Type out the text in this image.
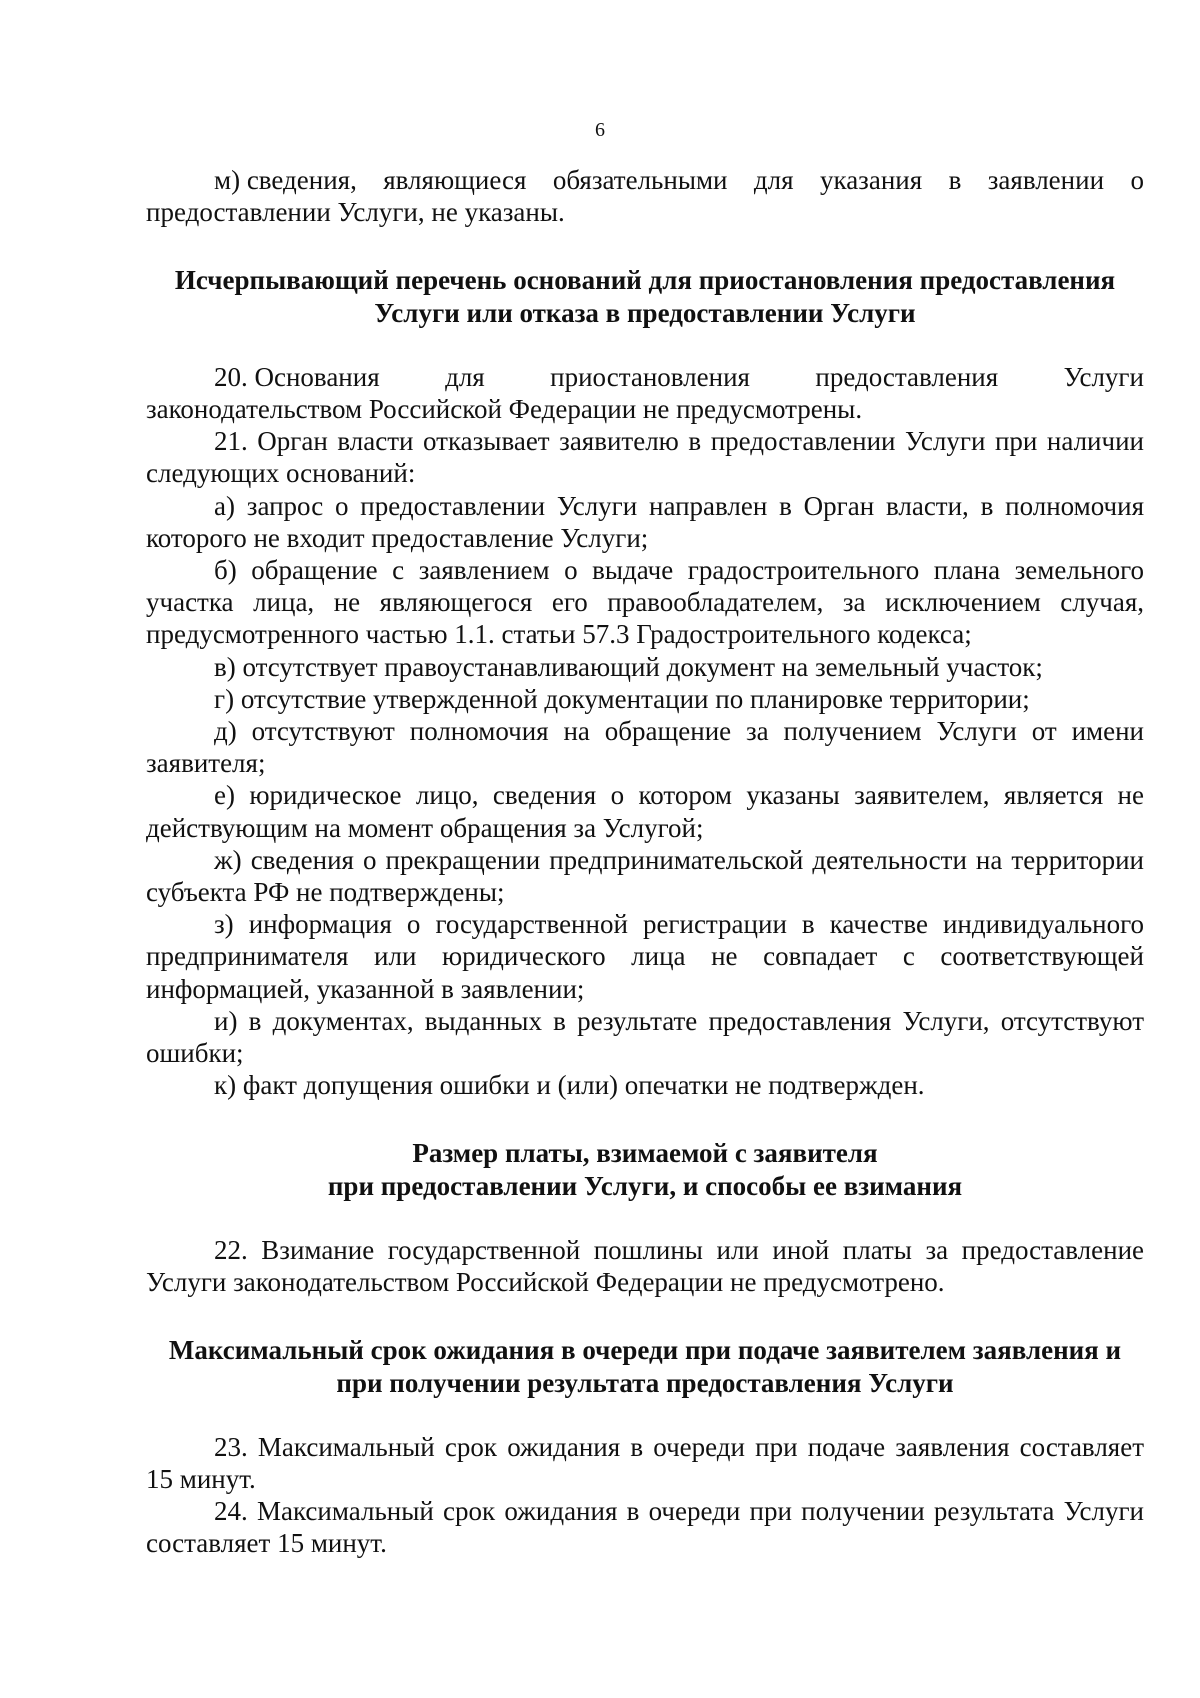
6
м) сведения, являющиеся обязательными для указания в заявлении о
предоставлении Услуги, не указаны.
Исчерпывающий перечень оснований для приостановления предоставления
Услуги или отказа в предоставлении Услуги
20. Основания для приостановления предоставления Услуги
законодательством Российской Федерации не предусмотрены.

21. Орган власти отказывает заявителю в предоставлении Услуги при наличии следующих оснований:

а) запрос о предоставлении Услуги направлен в Орган власти, в полномочия которого не входит предоставление Услуги;

б) обращение с заявлением о выдаче градостроительного плана земельного участка лица, не являющегося его правообладателем, за исключением случая, предусмотренного частью 1.1. статьи 57.3 Градостроительного кодекса;

в) отсутствует правоустанавливающий документ на земельный участок;

г) отсутствие утвержденной документации по планировке территории;

д) отсутствуют полномочия на обращение за получением Услуги от имени заявителя;

е) юридическое лицо, сведения о котором указаны заявителем, является не действующим на момент обращения за Услугой;

ж) сведения о прекращении предпринимательской деятельности на территории субъекта РФ не подтверждены;

з) информация о государственной регистрации в качестве индивидуального предпринимателя или юридического лица не совпадает с соответствующей информацией, указанной в заявлении;

и) в документах, выданных в результате предоставления Услуги, отсутствуют ошибки;

к) факт допущения ошибки и (или) опечатки не подтвержден.

Размер платы, взимаемой с заявителя
при предоставлении Услуги, и способы ее взимания

22. Взимание государственной пошлины или иной платы за предоставление Услуги законодательством Российской Федерации не предусмотрено.

Максимальный срок ожидания в очереди при подаче заявителем заявления и
при получении результата предоставления Услуги

23. Максимальный срок ожидания в очереди при подаче заявления составляет 15 минут.

24. Максимальный срок ожидания в очереди при получении результата Услуги составляет 15 минут.
